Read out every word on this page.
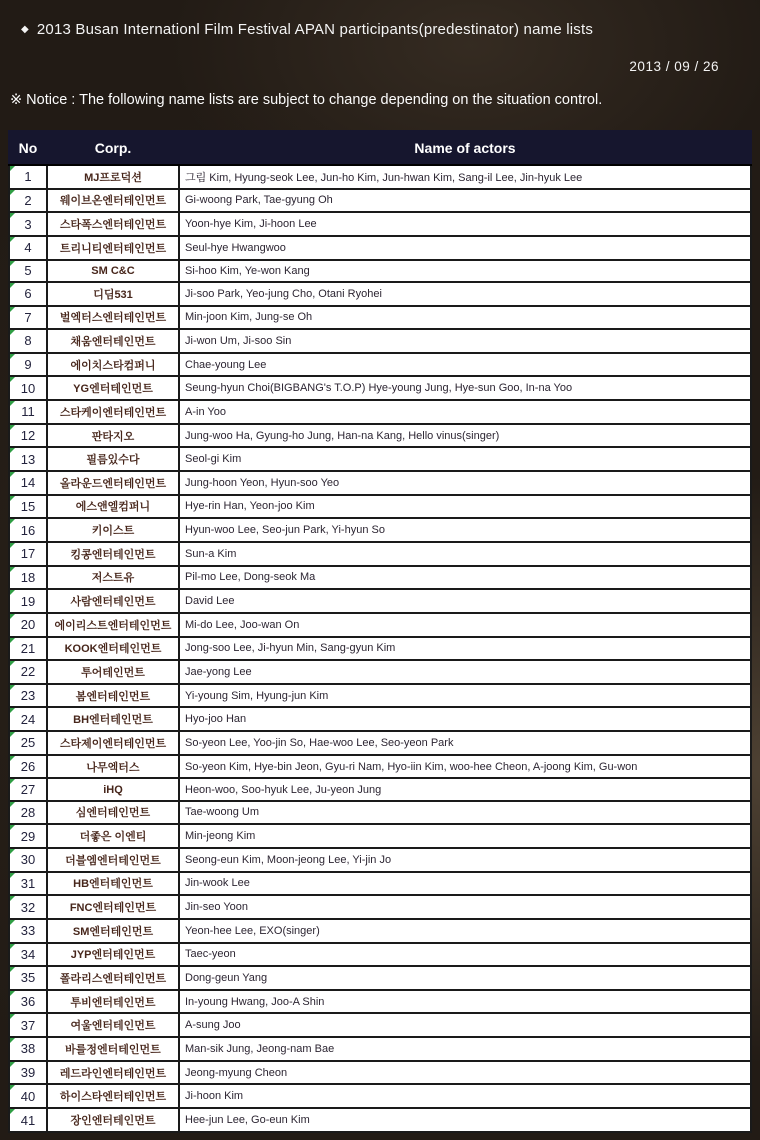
◆ 2013 Busan Internationl Film Festival APAN participants(predestinator) name lists
2013 / 09 / 26
※ Notice : The following name lists are subject to change depending on the situation control.
No	Corp.	Name of actors

1	MJ프로덕션	그림 Kim, Hyung-seok Lee, Jun-ho Kim, Jun-hwan Kim, Sang-il Lee, Jin-hyuk Lee

2	웨이브온엔터테인먼트	Gi-woong Park, Tae-gyung Oh

3	스타폭스엔터테인먼트	Yoon-hye Kim, Ji-hoon Lee

4	트리니티엔터테인먼트	Seul-hye Hwangwoo

5	SM C&C	Si-hoo Kim, Ye-won Kang

6	디딤531	Ji-soo Park, Yeo-jung Cho, Otani Ryohei

7	벌엑터스엔터테인먼트	Min-joon Kim, Jung-se Oh

8	채움엔터테인먼트	Ji-won Um, Ji-soo Sin

9	에이치스타컴퍼니	Chae-young Lee

10	YG엔터테인먼트	Seung-hyun Choi(BIGBANG's T.O.P) Hye-young Jung, Hye-sun Goo, In-na Yoo

11	스타케이엔터테인먼트	A-in Yoo

12	판타지오	Jung-woo Ha, Gyung-ho Jung, Han-na Kang, Hello vinus(singer)

13	필름있수다	Seol-gi Kim

14	올라운드엔터테인먼트	Jung-hoon Yeon, Hyun-soo Yeo

15	에스앤엘컴퍼니	Hye-rin Han, Yeon-joo Kim

16	키이스트	Hyun-woo Lee, Seo-jun Park, Yi-hyun So

17	킹콩엔터테인먼트	Sun-a Kim

18	저스트유	Pil-mo Lee, Dong-seok Ma

19	사람엔터테인먼트	David Lee

20	에이리스트엔터테인먼트	Mi-do Lee, Joo-wan On

21	KOOK엔터테인먼트	Jong-soo Lee, Ji-hyun Min, Sang-gyun Kim

22	투어테인먼트	Jae-yong Lee

23	봄엔터테인먼트	Yi-young Sim, Hyung-jun Kim

24	BH엔터테인먼트	Hyo-joo Han

25	스타제이엔터테인먼트	So-yeon Lee, Yoo-jin So, Hae-woo Lee, Seo-yeon Park

26	나무엑터스	So-yeon Kim, Hye-bin Jeon, Gyu-ri Nam, Hyo-iin Kim, woo-hee Cheon, A-joong Kim, Gu-won

27	iHQ	Heon-woo, Soo-hyuk Lee, Ju-yeon Jung

28	심엔터테인먼트	Tae-woong Um

29	더좋은 이엔티	Min-jeong Kim

30	더블엠엔터테인먼트	Seong-eun Kim, Moon-jeong Lee, Yi-jin Jo

31	HB엔터테인먼트	Jin-wook Lee

32	FNC엔터테인먼트	Jin-seo Yoon

33	SM엔터테인먼트	Yeon-hee Lee, EXO(singer)

34	JYP엔터테인먼트	Taec-yeon

35	폴라리스엔터테인먼트	Dong-geun Yang

36	투비엔터테인먼트	In-young Hwang, Joo-A Shin

37	여울엔터테인먼트	A-sung Joo

38	바를정엔터테인먼트	Man-sik Jung, Jeong-nam Bae

39	레드라인엔터테인먼트	Jeong-myung Cheon

40	하이스타엔터테인먼트	Ji-hoon Kim

41	장인엔터테인먼트	Hee-jun Lee, Go-eun Kim
